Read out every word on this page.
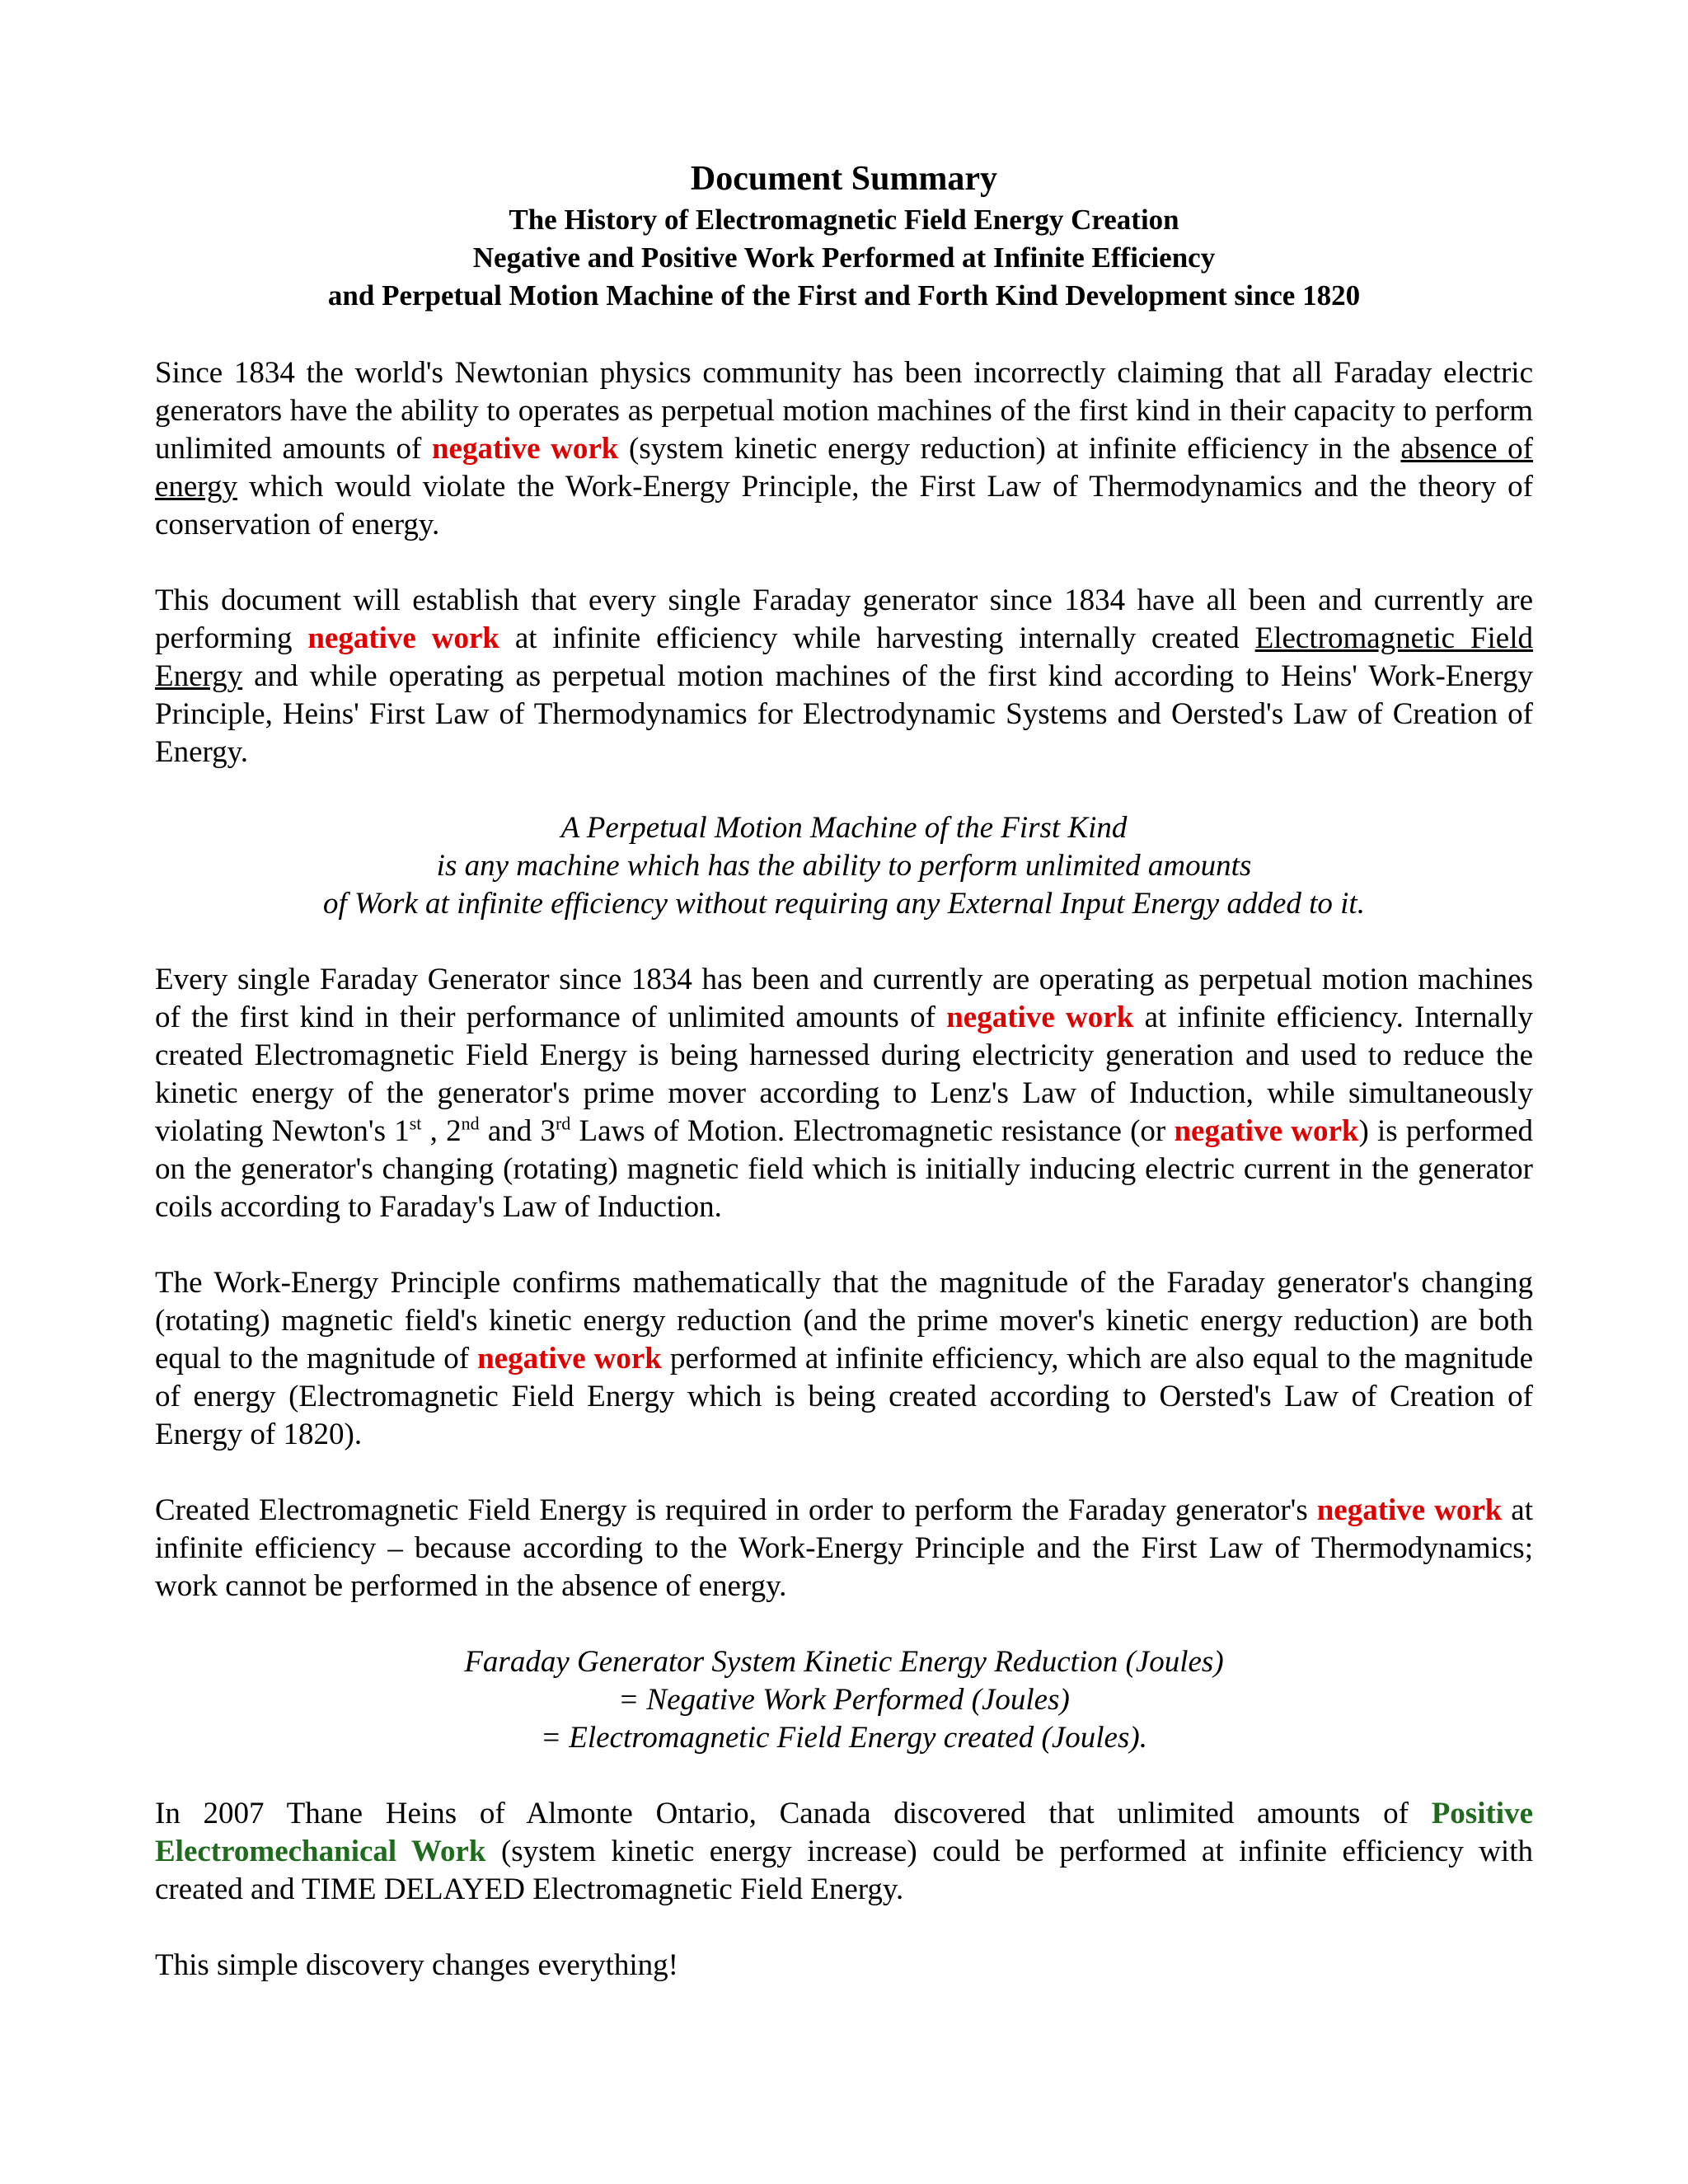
Document Summary

The History of Electromagnetic Field Energy Creation

Negative and Positive Work Performed at Infinite Efficiency

and Perpetual Motion Machine of the First and Forth Kind Development since 1820

Since 1834 the world's Newtonian physics community has been incorrectly claiming that all Faraday electric generators have the ability to operates as perpetual motion machines of the first kind in their capacity to perform unlimited amounts of negative work (system kinetic energy reduction) at infinite efficiency in the absence of energy which would violate the Work-Energy Principle, the First Law of Thermodynamics and the theory of conservation of energy.

This document will establish that every single Faraday generator since 1834 have all been and currently are performing negative work at infinite efficiency while harvesting internally created Electromagnetic Field Energy and while operating as perpetual motion machines of the first kind according to Heins' Work-Energy Principle, Heins' First Law of Thermodynamics for Electrodynamic Systems and Oersted's Law of Creation of Energy.

A Perpetual Motion Machine of the First Kind
is any machine which has the ability to perform unlimited amounts
of Work at infinite efficiency without requiring any External Input Energy added to it.

Every single Faraday Generator since 1834 has been and currently are operating as perpetual motion machines of the first kind in their performance of unlimited amounts of negative work at infinite efficiency. Internally created Electromagnetic Field Energy is being harnessed during electricity generation and used to reduce the kinetic energy of the generator's prime mover according to Lenz's Law of Induction, while simultaneously violating Newton's 1st , 2nd and 3rd Laws of Motion. Electromagnetic resistance (or negative work) is performed on the generator's changing (rotating) magnetic field which is initially inducing electric current in the generator coils according to Faraday's Law of Induction.

The Work-Energy Principle confirms mathematically that the magnitude of the Faraday generator's changing (rotating) magnetic field's kinetic energy reduction (and the prime mover's kinetic energy reduction) are both equal to the magnitude of negative work performed at infinite efficiency, which are also equal to the magnitude of energy (Electromagnetic Field Energy which is being created according to Oersted's Law of Creation of Energy of 1820).

Created Electromagnetic Field Energy is required in order to perform the Faraday generator's negative work at infinite efficiency – because according to the Work-Energy Principle and the First Law of Thermodynamics; work cannot be performed in the absence of energy.

Faraday Generator System Kinetic Energy Reduction (Joules)
= Negative Work Performed (Joules)
= Electromagnetic Field Energy created (Joules).

In 2007 Thane Heins of Almonte Ontario, Canada discovered that unlimited amounts of Positive Electromechanical Work (system kinetic energy increase) could be performed at infinite efficiency with created and TIME DELAYED Electromagnetic Field Energy.

This simple discovery changes everything!
